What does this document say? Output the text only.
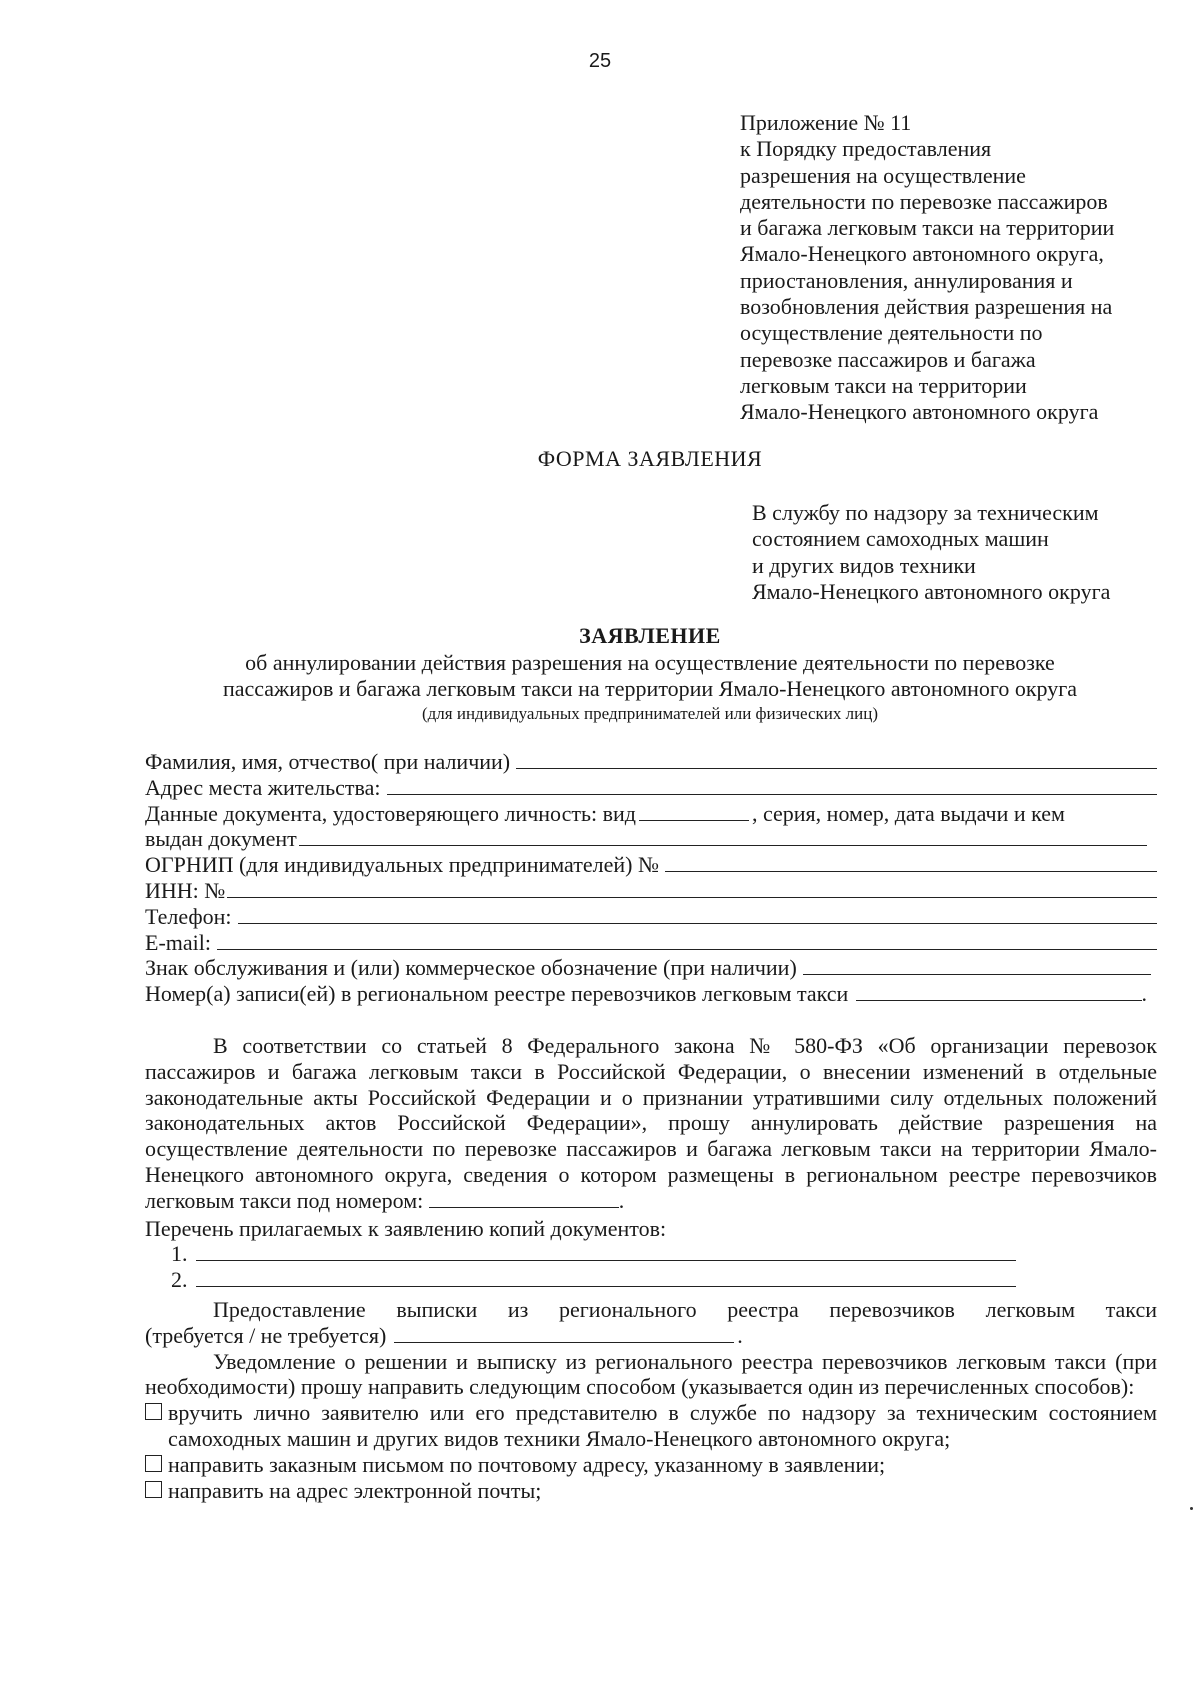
25
Приложение № 11
к Порядку предоставления
разрешения на осуществление
деятельности по перевозке пассажиров
и багажа легковым такси на территории
Ямало-Ненецкого автономного округа,
приостановления, аннулирования и
возобновления действия разрешения на
осуществление деятельности по
перевозке пассажиров и багажа
легковым такси на территории
Ямало-Ненецкого автономного округа
ФОРМА ЗАЯВЛЕНИЯ
В службу по надзору за техническим
состоянием самоходных машин
и других видов техники
Ямало-Ненецкого автономного округа
ЗАЯВЛЕНИЕ
об аннулировании действия разрешения на осуществление деятельности по перевозке
пассажиров и багажа легковым такси на территории Ямало-Ненецкого автономного округа
(для индивидуальных предпринимателей или физических лиц)
Фамилия, имя, отчество( при наличии)
Адрес места жительства:
Данные документа, удостоверяющего личность: вид	, серия, номер, дата выдачи и кем
выдан документ
ОГРНИП (для индивидуальных предпринимателей) №
ИНН: №
Телефон:
E-mail:
Знак обслуживания и (или) коммерческое обозначение (при наличии)
Номер(а) записи(ей) в региональном реестре перевозчиков легковым такси	.
В соответствии со статьей 8 Федерального закона № 580-ФЗ «Об организации перевозок пассажиров и багажа легковым такси в Российской Федерации, о внесении изменений в отдельные законодательные акты Российской Федерации и о признании утратившими силу отдельных положений законодательных актов Российской Федерации», прошу аннулировать действие разрешения на осуществление деятельности по перевозке пассажиров и багажа легковым такси на территории Ямало-Ненецкого автономного округа, сведения о котором размещены в региональном реестре перевозчиков легковым такси под номером:	.
Перечень прилагаемых к заявлению копий документов:
1.
2.
Предоставление выписки из регионального реестра перевозчиков легковым такси
(требуется / не требуется)	.
Уведомление о решении и выписку из регионального реестра перевозчиков легковым такси (при необходимости) прошу направить следующим способом (указывается один из перечисленных способов):
вручить лично заявителю или его представителю в службе по надзору за техническим состоянием самоходных машин и других видов техники Ямало-Ненецкого автономного округа;
направить заказным письмом по почтовому адресу, указанному в заявлении;
направить на адрес электронной почты;
